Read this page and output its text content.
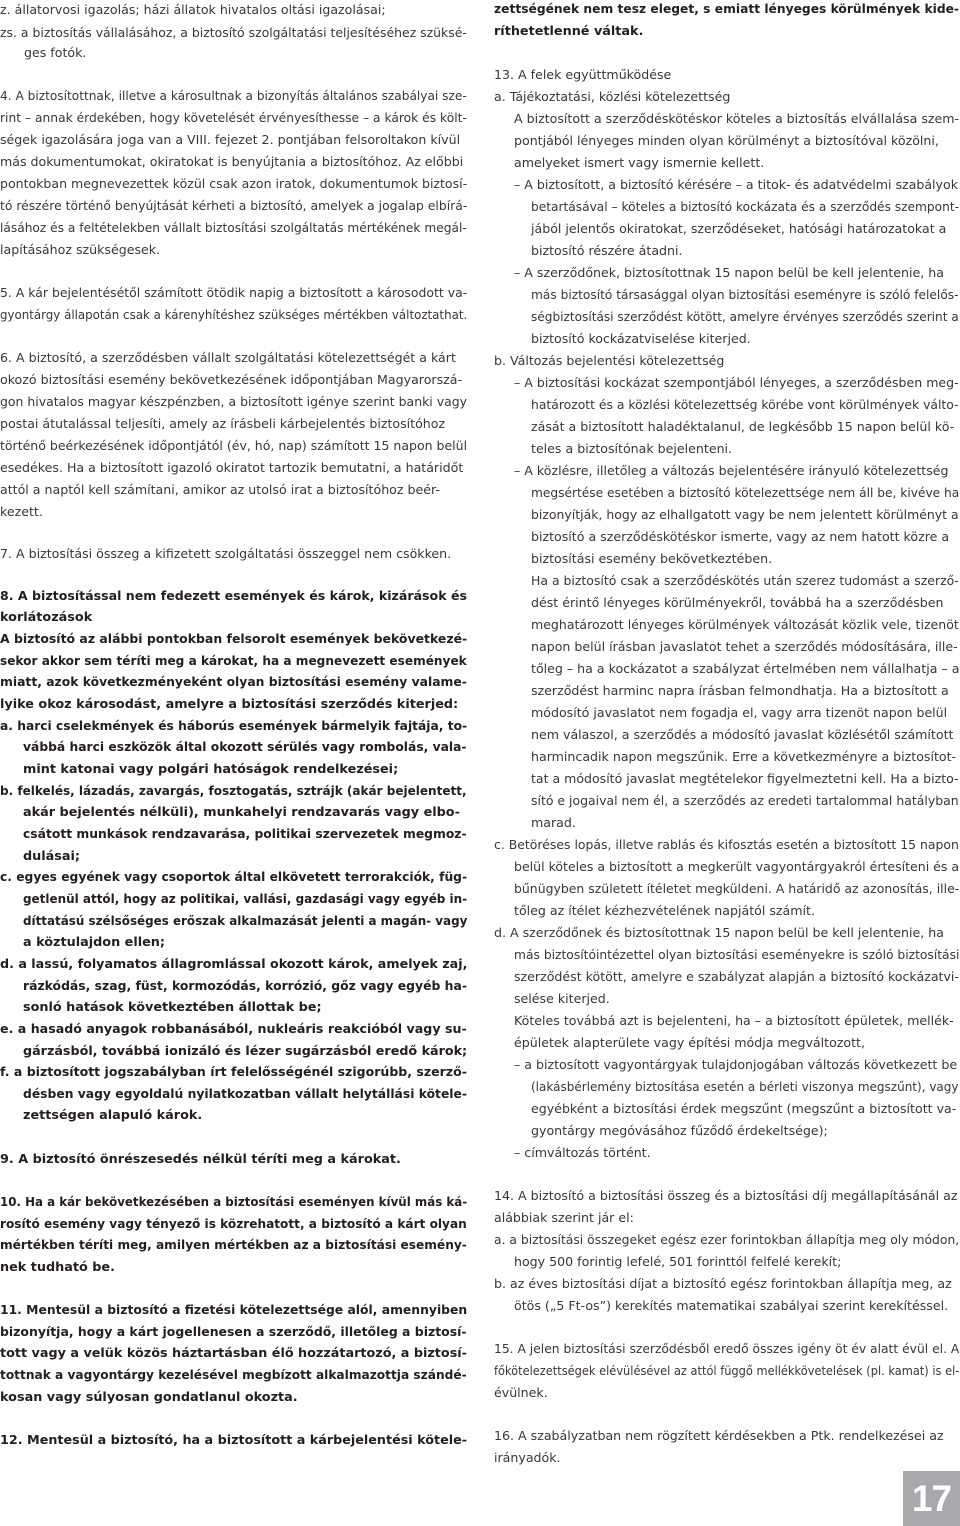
z. állatorvosi igazolás; házi állatok hivatalos oltási igazolásai;
zs. a biztosítás vállalásához, a biztosító szolgáltatási teljesítéséhez szüksé-
ges fotók.
4. A biztosítottnak, illetve a károsultnak a bizonyítás általános szabályai sze-
rint – annak érdekében, hogy követelését érvényesíthesse – a károk és költ-
ségek igazolására joga van a VIII. fejezet 2. pontjában felsoroltakon kívül
más dokumentumokat, okiratokat is benyújtania a biztosítóhoz. Az előbbi
pontokban megnevezettek közül csak azon iratok, dokumentumok biztosí-
tó részére történő benyújtását kérheti a biztosító, amelyek a jogalap elbírá-
lásához és a feltételekben vállalt biztosítási szolgáltatás mértékének megál-
lapításához szükségesek.
5. A kár bejelentésétől számított ötödik napig a biztosított a károsodott va-
gyontárgy állapotán csak a kárenyhítéshez szükséges mértékben változtathat.
6. A biztosító, a szerződésben vállalt szolgáltatási kötelezettségét a kárt
okozó biztosítási esemény bekövetkezésének időpontjában Magyarorszá-
gon hivatalos magyar készpénzben, a biztosított igénye szerint banki vagy
postai átutalással teljesíti, amely az írásbeli kárbejelentés biztosítóhoz
történő beérkezésének időpontjától (év, hó, nap) számított 15 napon belül
esedékes. Ha a biztosított igazoló okiratot tartozik bemutatni, a határidőt
attól a naptól kell számítani, amikor az utolsó irat a biztosítóhoz beér-
kezett.
7. A biztosítási összeg a kifizetett szolgáltatási összeggel nem csökken.
8. A biztosítással nem fedezett események és károk, kizárások és
korlátozások
A biztosító az alábbi pontokban felsorolt események bekövetkezé-
sekor akkor sem téríti meg a károkat, ha a megnevezett események
miatt, azok következményeként olyan biztosítási esemény valame-
lyike okoz károsodást, amelyre a biztosítási szerződés kiterjed:
a. harci cselekmények és háborús események bármelyik fajtája, to-
vábbá harci eszközök által okozott sérülés vagy rombolás, vala-
mint katonai vagy polgári hatóságok rendelkezései;
b. felkelés, lázadás, zavargás, fosztogatás, sztrájk (akár bejelentett,
akár bejelentés nélküli), munkahelyi rendzavarás vagy elbo-
csátott munkások rendzavarása, politikai szervezetek megmoz-
dulásai;
c. egyes egyének vagy csoportok által elkövetett terrorakciók, füg-
getlenül attól, hogy az politikai, vallási, gazdasági vagy egyéb in-
díttatású szélsőséges erőszak alkalmazását jelenti a magán- vagy
a köztulajdon ellen;
d. a lassú, folyamatos állagromlással okozott károk, amelyek zaj,
rázkódás, szag, füst, kormozódás, korrózió, gőz vagy egyéb ha-
sonló hatások következtében állottak be;
e. a hasadó anyagok robbanásából, nukleáris reakcióból vagy su-
gárzásból, továbbá ionizáló és lézer sugárzásból eredő károk;
f. a biztosított jogszabályban írt felelősségénél szigorúbb, szerző-
désben vagy egyoldalú nyilatkozatban vállalt helytállási kötele-
zettségen alapuló károk.
9. A biztosító önrészesedés nélkül téríti meg a károkat.
10. Ha a kár bekövetkezésében a biztosítási eseményen kívül más ká-
rosító esemény vagy tényező is közrehatott, a biztosító a kárt olyan
mértékben téríti meg, amilyen mértékben az a biztosítási esemény-
nek tudható be.
11. Mentesül a biztosító a fizetési kötelezettsége alól, amennyiben
bizonyítja, hogy a kárt jogellenesen a szerződő, illetőleg a biztosí-
tott vagy a velük közös háztartásban élő hozzátartozó, a biztosí-
tottnak a vagyontárgy kezelésével megbízott alkalmazottja szándé-
kosan vagy súlyosan gondatlanul okozta.
12. Mentesül a biztosító, ha a biztosított a kárbejelentési kötele-
zettségének nem tesz eleget, s emiatt lényeges körülmények kide-
ríthetetlenné váltak.
13. A felek együttműködése
a. Tájékoztatási, közlési kötelezettség
A biztosított a szerződéskötéskor köteles a biztosítás elvállalása szem-
pontjából lényeges minden olyan körülményt a biztosítóval közölni,
amelyeket ismert vagy ismernie kellett.
– A biztosított, a biztosító kérésére – a titok- és adatvédelmi szabályok
betartásával – köteles a biztosító kockázata és a szerződés szempont-
jából jelentős okiratokat, szerződéseket, hatósági határozatokat a
biztosító részére átadni.
– A szerződőnek, biztosítottnak 15 napon belül be kell jelentenie, ha
más biztosító társasággal olyan biztosítási eseményre is szóló felelős-
ségbiztosítási szerződést kötött, amelyre érvényes szerződés szerint a
biztosító kockázatviselése kiterjed.
b. Változás bejelentési kötelezettség
– A biztosítási kockázat szempontjából lényeges, a szerződésben meg-
határozott és a közlési kötelezettség körébe vont körülmények válto-
zását a biztosított haladéktalanul, de legkésőbb 15 napon belül kö-
teles a biztosítónak bejelenteni.
– A közlésre, illetőleg a változás bejelentésére irányuló kötelezettség
megsértése esetében a biztosító kötelezettsége nem áll be, kivéve ha
bizonyítják, hogy az elhallgatott vagy be nem jelentett körülményt a
biztosító a szerződéskötéskor ismerte, vagy az nem hatott közre a
biztosítási esemény bekövetkeztében.
Ha a biztosító csak a szerződéskötés után szerez tudomást a szerző-
dést érintő lényeges körülményekről, továbbá ha a szerződésben
meghatározott lényeges körülmények változását közlik vele, tizenöt
napon belül írásban javaslatot tehet a szerződés módosítására, ille-
tőleg – ha a kockázatot a szabályzat értelmében nem vállalhatja – a
szerződést harminc napra írásban felmondhatja. Ha a biztosított a
módosító javaslatot nem fogadja el, vagy arra tizenöt napon belül
nem válaszol, a szerződés a módosító javaslat közlésétől számított
harmincadik napon megszűnik. Erre a következményre a biztosítot-
tat a módosító javaslat megtételekor figyelmeztetni kell. Ha a bizto-
sító e jogaival nem él, a szerződés az eredeti tartalommal hatályban
marad.
c. Betöréses lopás, illetve rablás és kifosztás esetén a biztosított 15 napon
belül köteles a biztosított a megkerült vagyontárgyakról értesíteni és a
bűnügyben született ítéletet megküldeni. A határidő az azonosítás, ille-
tőleg az ítélet kézhezvételének napjától számít.
d. A szerződőnek és biztosítottnak 15 napon belül be kell jelentenie, ha
más biztosítóintézettel olyan biztosítási eseményekre is szóló biztosítási
szerződést kötött, amelyre e szabályzat alapján a biztosító kockázatvi-
selése kiterjed.
Köteles továbbá azt is bejelenteni, ha – a biztosított épületek, mellék-
épületek alapterülete vagy építési módja megváltozott,
– a biztosított vagyontárgyak tulajdonjogában változás következett be
(lakásbérlemény biztosítása esetén a bérleti viszonya megszűnt), vagy
egyébként a biztosítási érdek megszűnt (megszűnt a biztosított va-
gyontárgy megóvásához fűződő érdekeltsége);
– címváltozás történt.
14. A biztosító a biztosítási összeg és a biztosítási díj megállapításánál az
alábbiak szerint jár el:
a. a biztosítási összegeket egész ezer forintokban állapítja meg oly módon,
hogy 500 forintig lefelé, 501 forinttól felfelé kerekít;
b. az éves biztosítási díjat a biztosító egész forintokban állapítja meg, az
ötös („5 Ft-os”) kerekítés matematikai szabályai szerint kerekítéssel.
15. A jelen biztosítási szerződésből eredő összes igény öt év alatt évül el. A
főkötelezettségek elévülésével az attól függő mellékkövetelések (pl. kamat) is el-
évülnek.
16. A szabályzatban nem rögzített kérdésekben a Ptk. rendelkezései az
irányadók.
17
